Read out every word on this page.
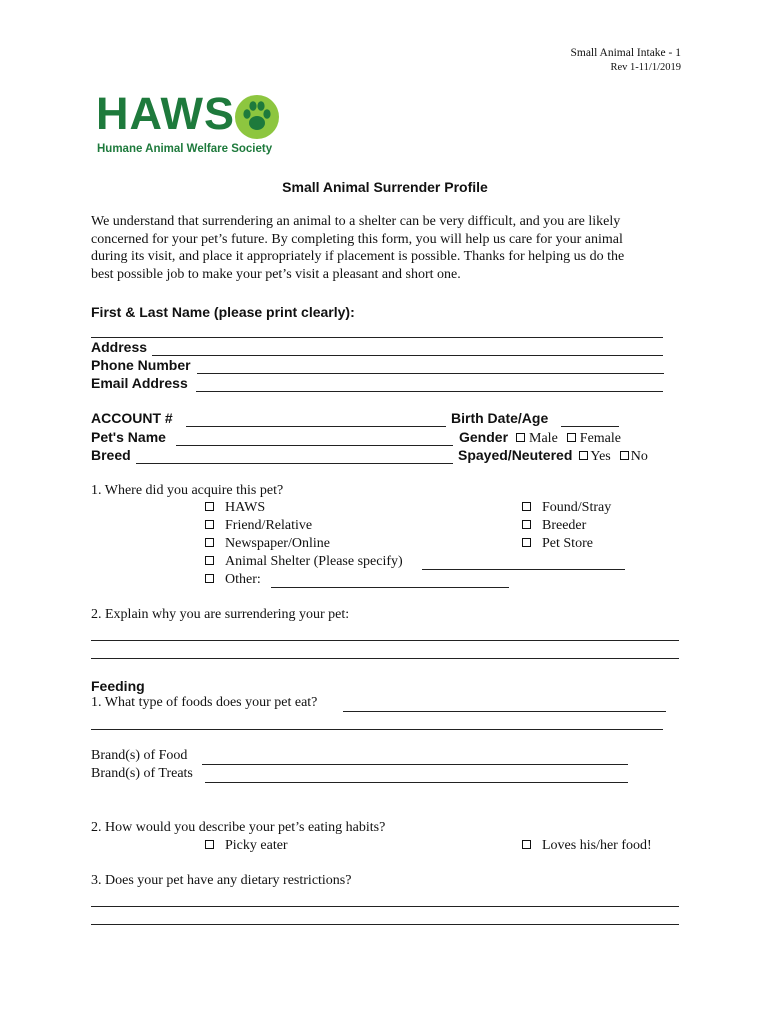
Small Animal Intake - 1
Rev 1-11/1/2019
HAWS
Humane Animal Welfare Society
Small Animal Surrender Profile
We understand that surrendering an animal to a shelter can be very difficult, and you are likely
concerned for your pet’s future. By completing this form, you will help us care for your animal
during its visit, and place it appropriately if placement is possible. Thanks for helping us do the
best possible job to make your pet’s visit a pleasant and short one.
First & Last Name (please print clearly):
Address
Phone Number
Email Address
ACCOUNT #	Birth Date/Age
Pet's Name	Gender Male Female
Breed	Spayed/Neutered Yes No
1. Where did you acquire this pet?
HAWS
Friend/Relative
Newspaper/Online
Animal Shelter (Please specify)
Other:
Found/Stray
Breeder
Pet Store
2. Explain why you are surrendering your pet:
Feeding
1. What type of foods does your pet eat?
Brand(s) of Food
Brand(s) of Treats
2. How would you describe your pet’s eating habits?
Picky eater	Loves his/her food!
3. Does your pet have any dietary restrictions?
